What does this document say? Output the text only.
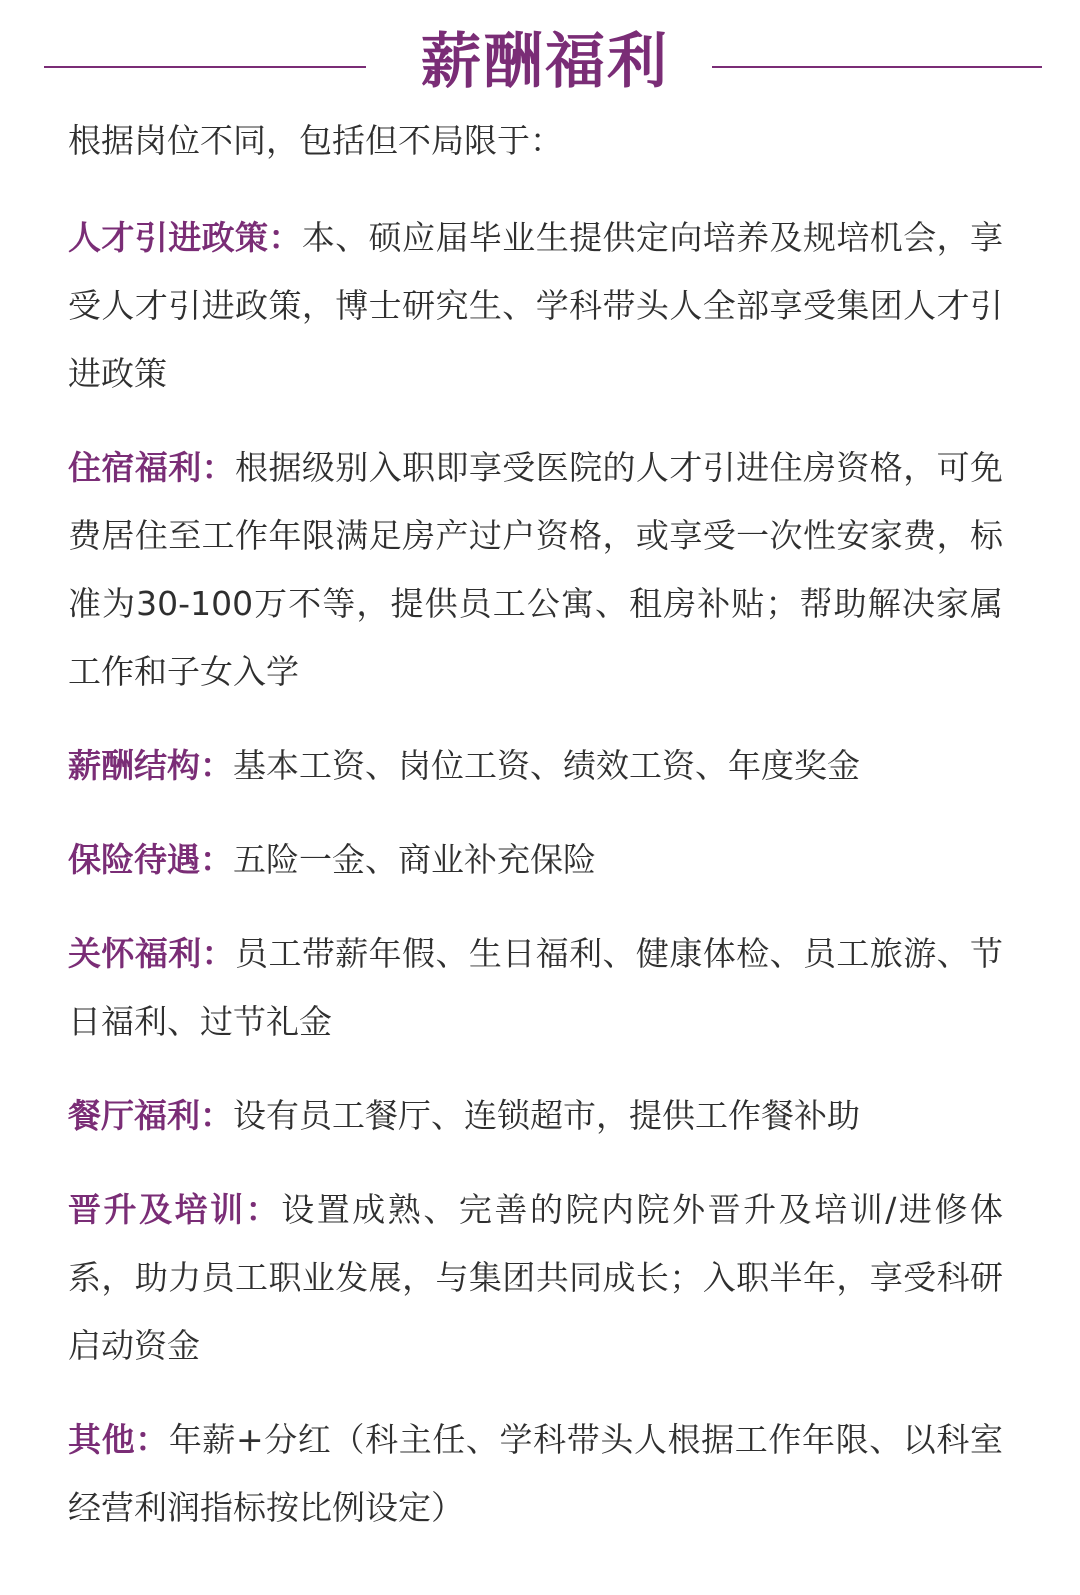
薪酬福利

根据岗位不同，包括但不局限于：

人才引进政策：本、硕应届毕业生提供定向培养及规培机会，享受人才引进政策，博士研究生、学科带头人全部享受集团人才引进政策

住宿福利：根据级别入职即享受医院的人才引进住房资格，可免费居住至工作年限满足房产过户资格，或享受一次性安家费，标准为30-100万不等，提供员工公寓、租房补贴；帮助解决家属工作和子女入学

薪酬结构：基本工资、岗位工资、绩效工资、年度奖金

保险待遇：五险一金、商业补充保险

关怀福利：员工带薪年假、生日福利、健康体检、员工旅游、节日福利、过节礼金

餐厅福利：设有员工餐厅、连锁超市，提供工作餐补助

晋升及培训：设置成熟、完善的院内院外晋升及培训/进修体系，助力员工职业发展，与集团共同成长；入职半年，享受科研启动资金

其他：年薪+分红（科主任、学科带头人根据工作年限、以科室经营利润指标按比例设定）
